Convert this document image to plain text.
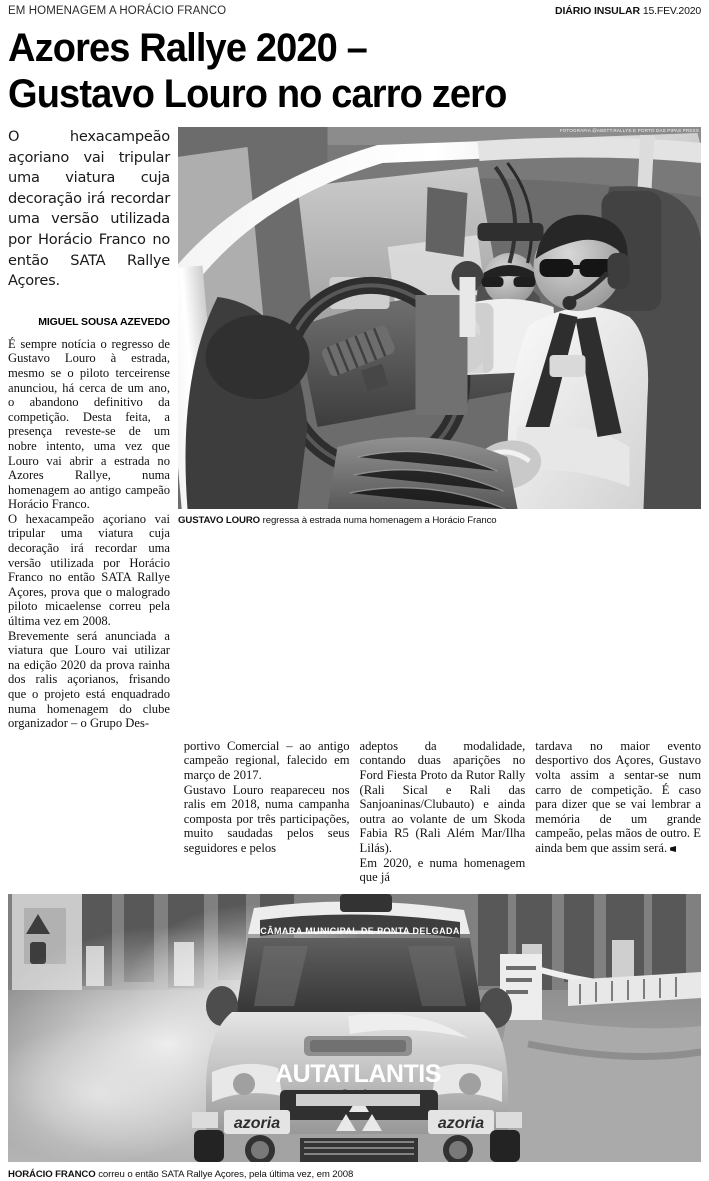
EM HOMENAGEM A HORÁCIO FRANCO	DIÁRIO INSULAR 15.FEV.2020
Azores Rallye 2020 –
Gustavo Louro no carro zero

O hexacampeão açoriano vai tripular uma viatura cuja decoração irá recordar uma versão utilizada por Horácio Franco no então SATA Rallye Açores.

MIGUEL SOUSA AZEVEDO

É sempre notícia o regresso de Gustavo Louro à estrada, mesmo se o piloto terceirense anunciou, há cerca de um ano, o abandono definitivo da competição. Desta feita, a presença reveste-se de um nobre intento, uma vez que Louro vai abrir a estrada no Azores Rallye, numa homenagem ao antigo campeão Horácio Franco.

O hexacampeão açoriano vai tripular uma viatura cuja decoração irá recordar uma versão utilizada por Horácio Franco no então SATA Rallye Açores, prova que o malogrado piloto micaelense correu pela última vez em 2008.

Brevemente será anunciada a viatura que Louro vai utilizar na edição 2020 da prova rainha dos ralis açorianos, frisando que o projeto está enquadrado numa homenagem do clube organizador – o Grupo Des-

FOTOGRAFIA @ABETT.RALLYS E PORTO DAS PIPAS PRESS
GUSTAVO LOURO regressa à estrada numa homenagem a Horácio Franco

portivo Comercial – ao antigo campeão regional, falecido em março de 2017.

Gustavo Louro reapareceu nos ralis em 2018, numa campanha composta por três participações, muito saudadas pelos seus seguidores e pelos

adeptos da modalidade, contando duas aparições no Ford Fiesta Proto da Rutor Rally (Rali Sical e Rali das Sanjoaninas/Clubauto) e ainda outra ao volante de um Skoda Fabia R5 (Rali Além Mar/Ilha Lilás).

Em 2020, e numa homenagem que já

tardava no maior evento desportivo dos Açores, Gustavo volta assim a sentar-se num carro de competição. É caso para dizer que se vai lembrar a memória de um grande campeão, pelas mãos de outro. E ainda bem que assim será.

CÂMARA MUNICIPAL DE PONTA DELGADA
AUTATLANTIS
azoria	azoria
HORÁCIO FRANCO correu o então SATA Rallye Açores, pela última vez, em 2008
